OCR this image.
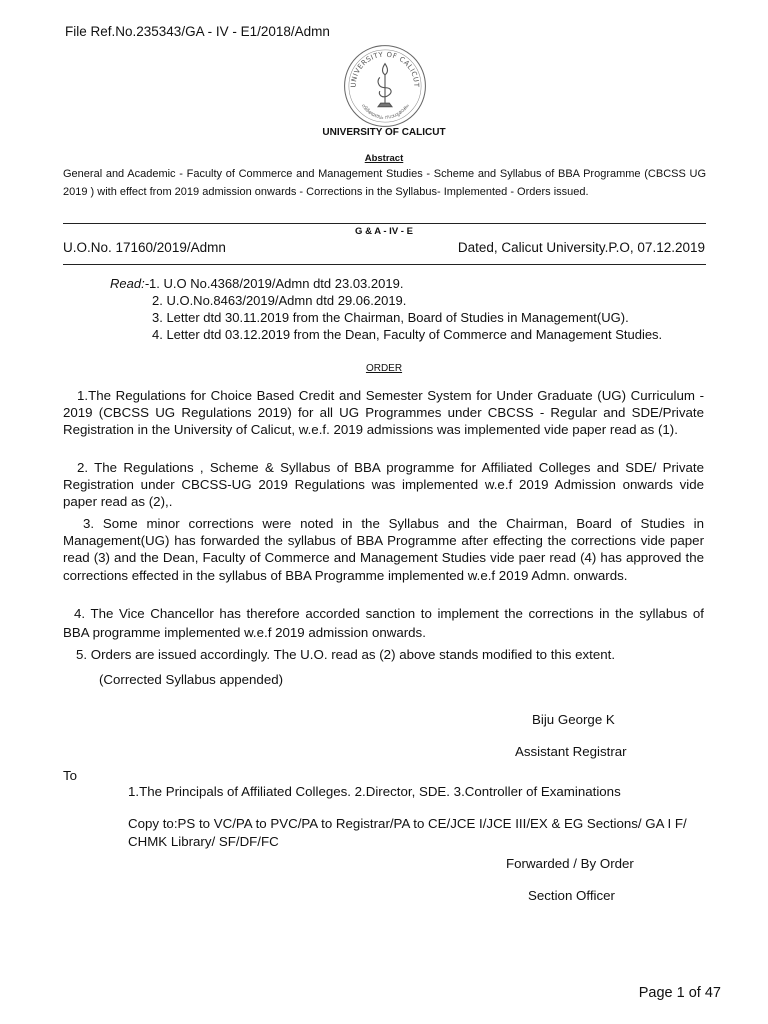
File Ref.No.235343/GA - IV - E1/2018/Admn
UNIVERSITY OF CALICUT
നിർഭയത്വം സാധ്യമാകും
UNIVERSITY OF CALICUT
Abstract
General and Academic - Faculty of Commerce and Management Studies - Scheme and Syllabus of BBA Programme (CBCSS UG 2019 ) with effect from 2019 admission onwards - Corrections in the Syllabus- Implemented - Orders issued.
G & A - IV - E
U.O.No. 17160/2019/Admn	Dated, Calicut University.P.O, 07.12.2019
Read:-1. U.O No.4368/2019/Admn dtd 23.03.2019.
2. U.O.No.8463/2019/Admn dtd 29.06.2019.
3. Letter dtd 30.11.2019 from the Chairman, Board of Studies in Management(UG).
4. Letter dtd 03.12.2019 from the Dean, Faculty of Commerce and Management Studies.
ORDER
1.The Regulations for Choice Based Credit and Semester System for Under Graduate (UG) Curriculum - 2019 (CBCSS UG Regulations 2019) for all UG Programmes under CBCSS - Regular and SDE/Private Registration in the University of Calicut, w.e.f. 2019 admissions was implemented vide paper read as (1).
2. The Regulations , Scheme & Syllabus of BBA programme for Affiliated Colleges and SDE/ Private Registration under CBCSS-UG 2019 Regulations was implemented w.e.f 2019 Admission onwards vide paper read as (2),.
3. Some minor corrections were noted in the Syllabus and the Chairman, Board of Studies in Management(UG) has forwarded the syllabus of BBA Programme after effecting the corrections vide paper read (3) and the Dean, Faculty of Commerce and Management Studies vide paer read (4) has approved the corrections effected in the syllabus of BBA Programme implemented w.e.f 2019 Admn. onwards.
4. The Vice Chancellor has therefore accorded sanction to implement the corrections in the syllabus of BBA programme implemented w.e.f 2019 admission onwards.
5. Orders are issued accordingly. The U.O. read as (2) above stands modified to this extent.
(Corrected Syllabus appended)
Biju George K
Assistant Registrar
To
1.The Principals of Affiliated Colleges. 2.Director, SDE. 3.Controller of Examinations
Copy to:PS to VC/PA to PVC/PA to Registrar/PA to CE/JCE I/JCE III/EX & EG Sections/ GA I F/ CHMK Library/ SF/DF/FC
Forwarded / By Order
Section Officer
Page 1 of 47
